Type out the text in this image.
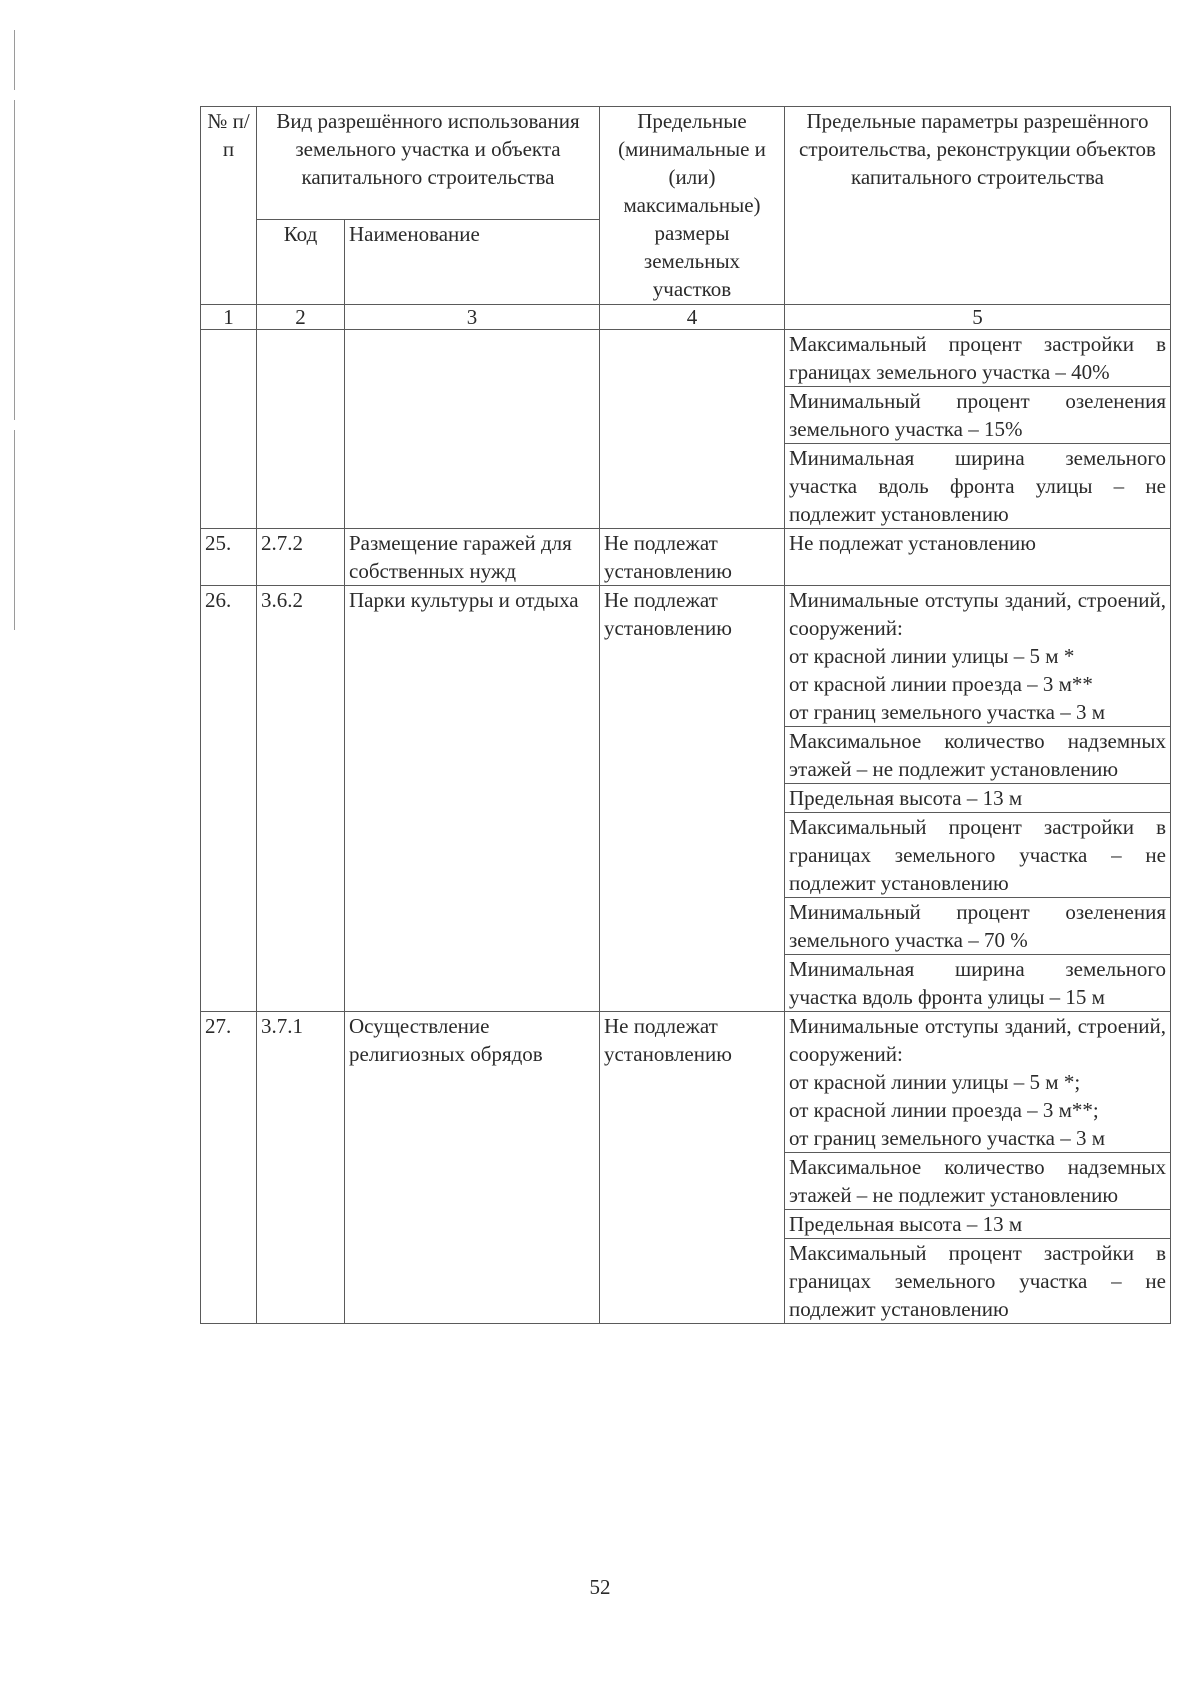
№ п/п	Вид разрешённого использования земельного участка и объекта капитального строительства		Предельные (минимальные и (или) максимальные) размеры земельных участков	Предельные параметры разрешённого строительства, реконструкции объектов капитального строительства
	Код	Наименование		
1	2	3	4	5
				Максимальный процент застройки в границах земельного участка – 40%
				Минимальный процент озеленения земельного участка – 15%
				Минимальная ширина земельного участка вдоль фронта улицы – не подлежит установлению
25.	2.7.2	Размещение гаражей для собственных нужд	Не подлежат установлению	Не подлежат установлению
26.	3.6.2	Парки культуры и отдыха	Не подлежат установлению	Минимальные отступы зданий, строений, сооружений:
от красной линии улицы – 5 м *
от красной линии проезда – 3 м**
от границ земельного участка – 3 м

				Максимальное количество надземных этажей – не подлежит установлению
				Предельная высота – 13 м
				Максимальный процент застройки в границах земельного участка – не подлежит установлению
				Минимальный процент озеленения земельного участка – 70 %
				Минимальная ширина земельного участка вдоль фронта улицы – 15 м
27.	3.7.1	Осуществление религиозных обрядов	Не подлежат установлению	Минимальные отступы зданий, строений, сооружений:
от красной линии улицы – 5 м *;
от красной линии проезда – 3 м**;
от границ земельного участка – 3 м

				Максимальное количество надземных этажей – не подлежит установлению
				Предельная высота – 13 м
				Максимальный процент застройки в границах земельного участка – не подлежит установлению
52
